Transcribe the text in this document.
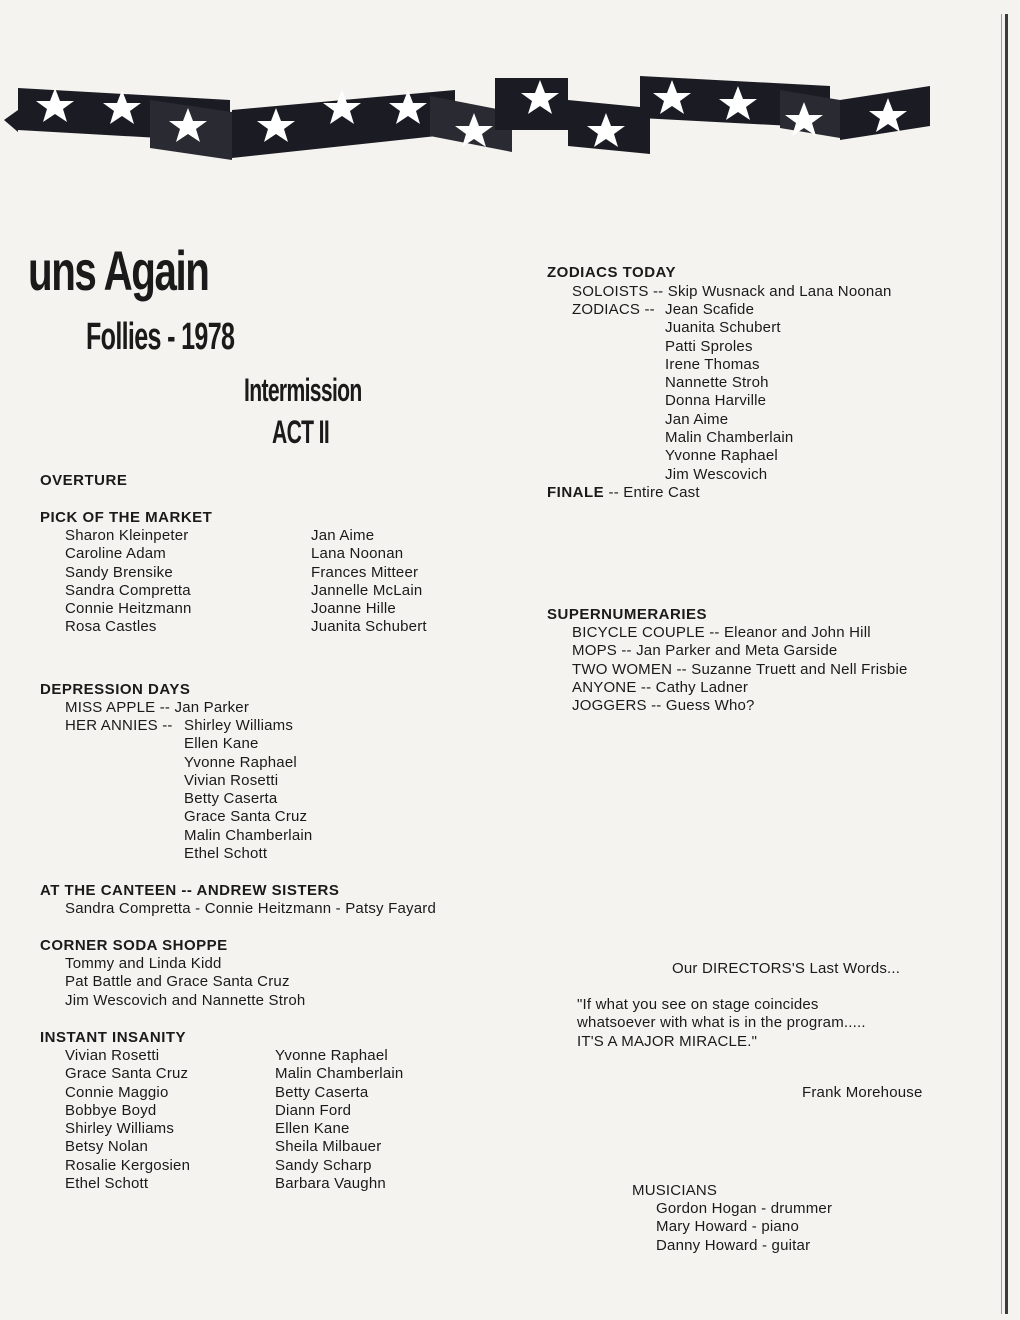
uns Again
Follies - 1978
Intermission
ACT II
OVERTURE
PICK OF THE MARKET
Sharon Kleinpeter
Caroline Adam
Sandy Brensike
Sandra Compretta
Connie Heitzmann
Rosa Castles
Jan Aime
Lana Noonan
Frances Mitteer
Jannelle McLain
Joanne Hille
Juanita Schubert
DEPRESSION DAYS
MISS APPLE -- Jan Parker
HER ANNIES -- Shirley Williams
Ellen Kane
Yvonne Raphael
Vivian Rosetti
Betty Caserta
Grace Santa Cruz
Malin Chamberlain
Ethel Schott
AT THE CANTEEN -- ANDREW SISTERS
Sandra Compretta - Connie Heitzmann - Patsy Fayard
CORNER SODA SHOPPE
Tommy and Linda Kidd
Pat Battle and Grace Santa Cruz
Jim Wescovich and Nannette Stroh
INSTANT INSANITY
Vivian Rosetti
Grace Santa Cruz
Connie Maggio
Bobbye Boyd
Shirley Williams
Betsy Nolan
Rosalie Kergosien
Ethel Schott
Yvonne Raphael
Malin Chamberlain
Betty Caserta
Diann Ford
Ellen Kane
Sheila Milbauer
Sandy Scharp
Barbara Vaughn
ZODIACS TODAY
SOLOISTS -- Skip Wusnack and Lana Noonan
ZODIACS -- Jean Scafide
Juanita Schubert
Patti Sproles
Irene Thomas
Nannette Stroh
Donna Harville
Jan Aime
Malin Chamberlain
Yvonne Raphael
Jim Wescovich
FINALE -- Entire Cast
SUPERNUMERARIES
BICYCLE COUPLE -- Eleanor and John Hill
MOPS -- Jan Parker and Meta Garside
TWO WOMEN -- Suzanne Truett and Nell Frisbie
ANYONE -- Cathy Ladner
JOGGERS -- Guess Who?
Our DIRECTORS'S Last Words...
"If what you see on stage coincides
whatsoever with what is in the program.....
IT'S A MAJOR MIRACLE."
Frank Morehouse
MUSICIANS
Gordon Hogan - drummer
Mary Howard - piano
Danny Howard - guitar
